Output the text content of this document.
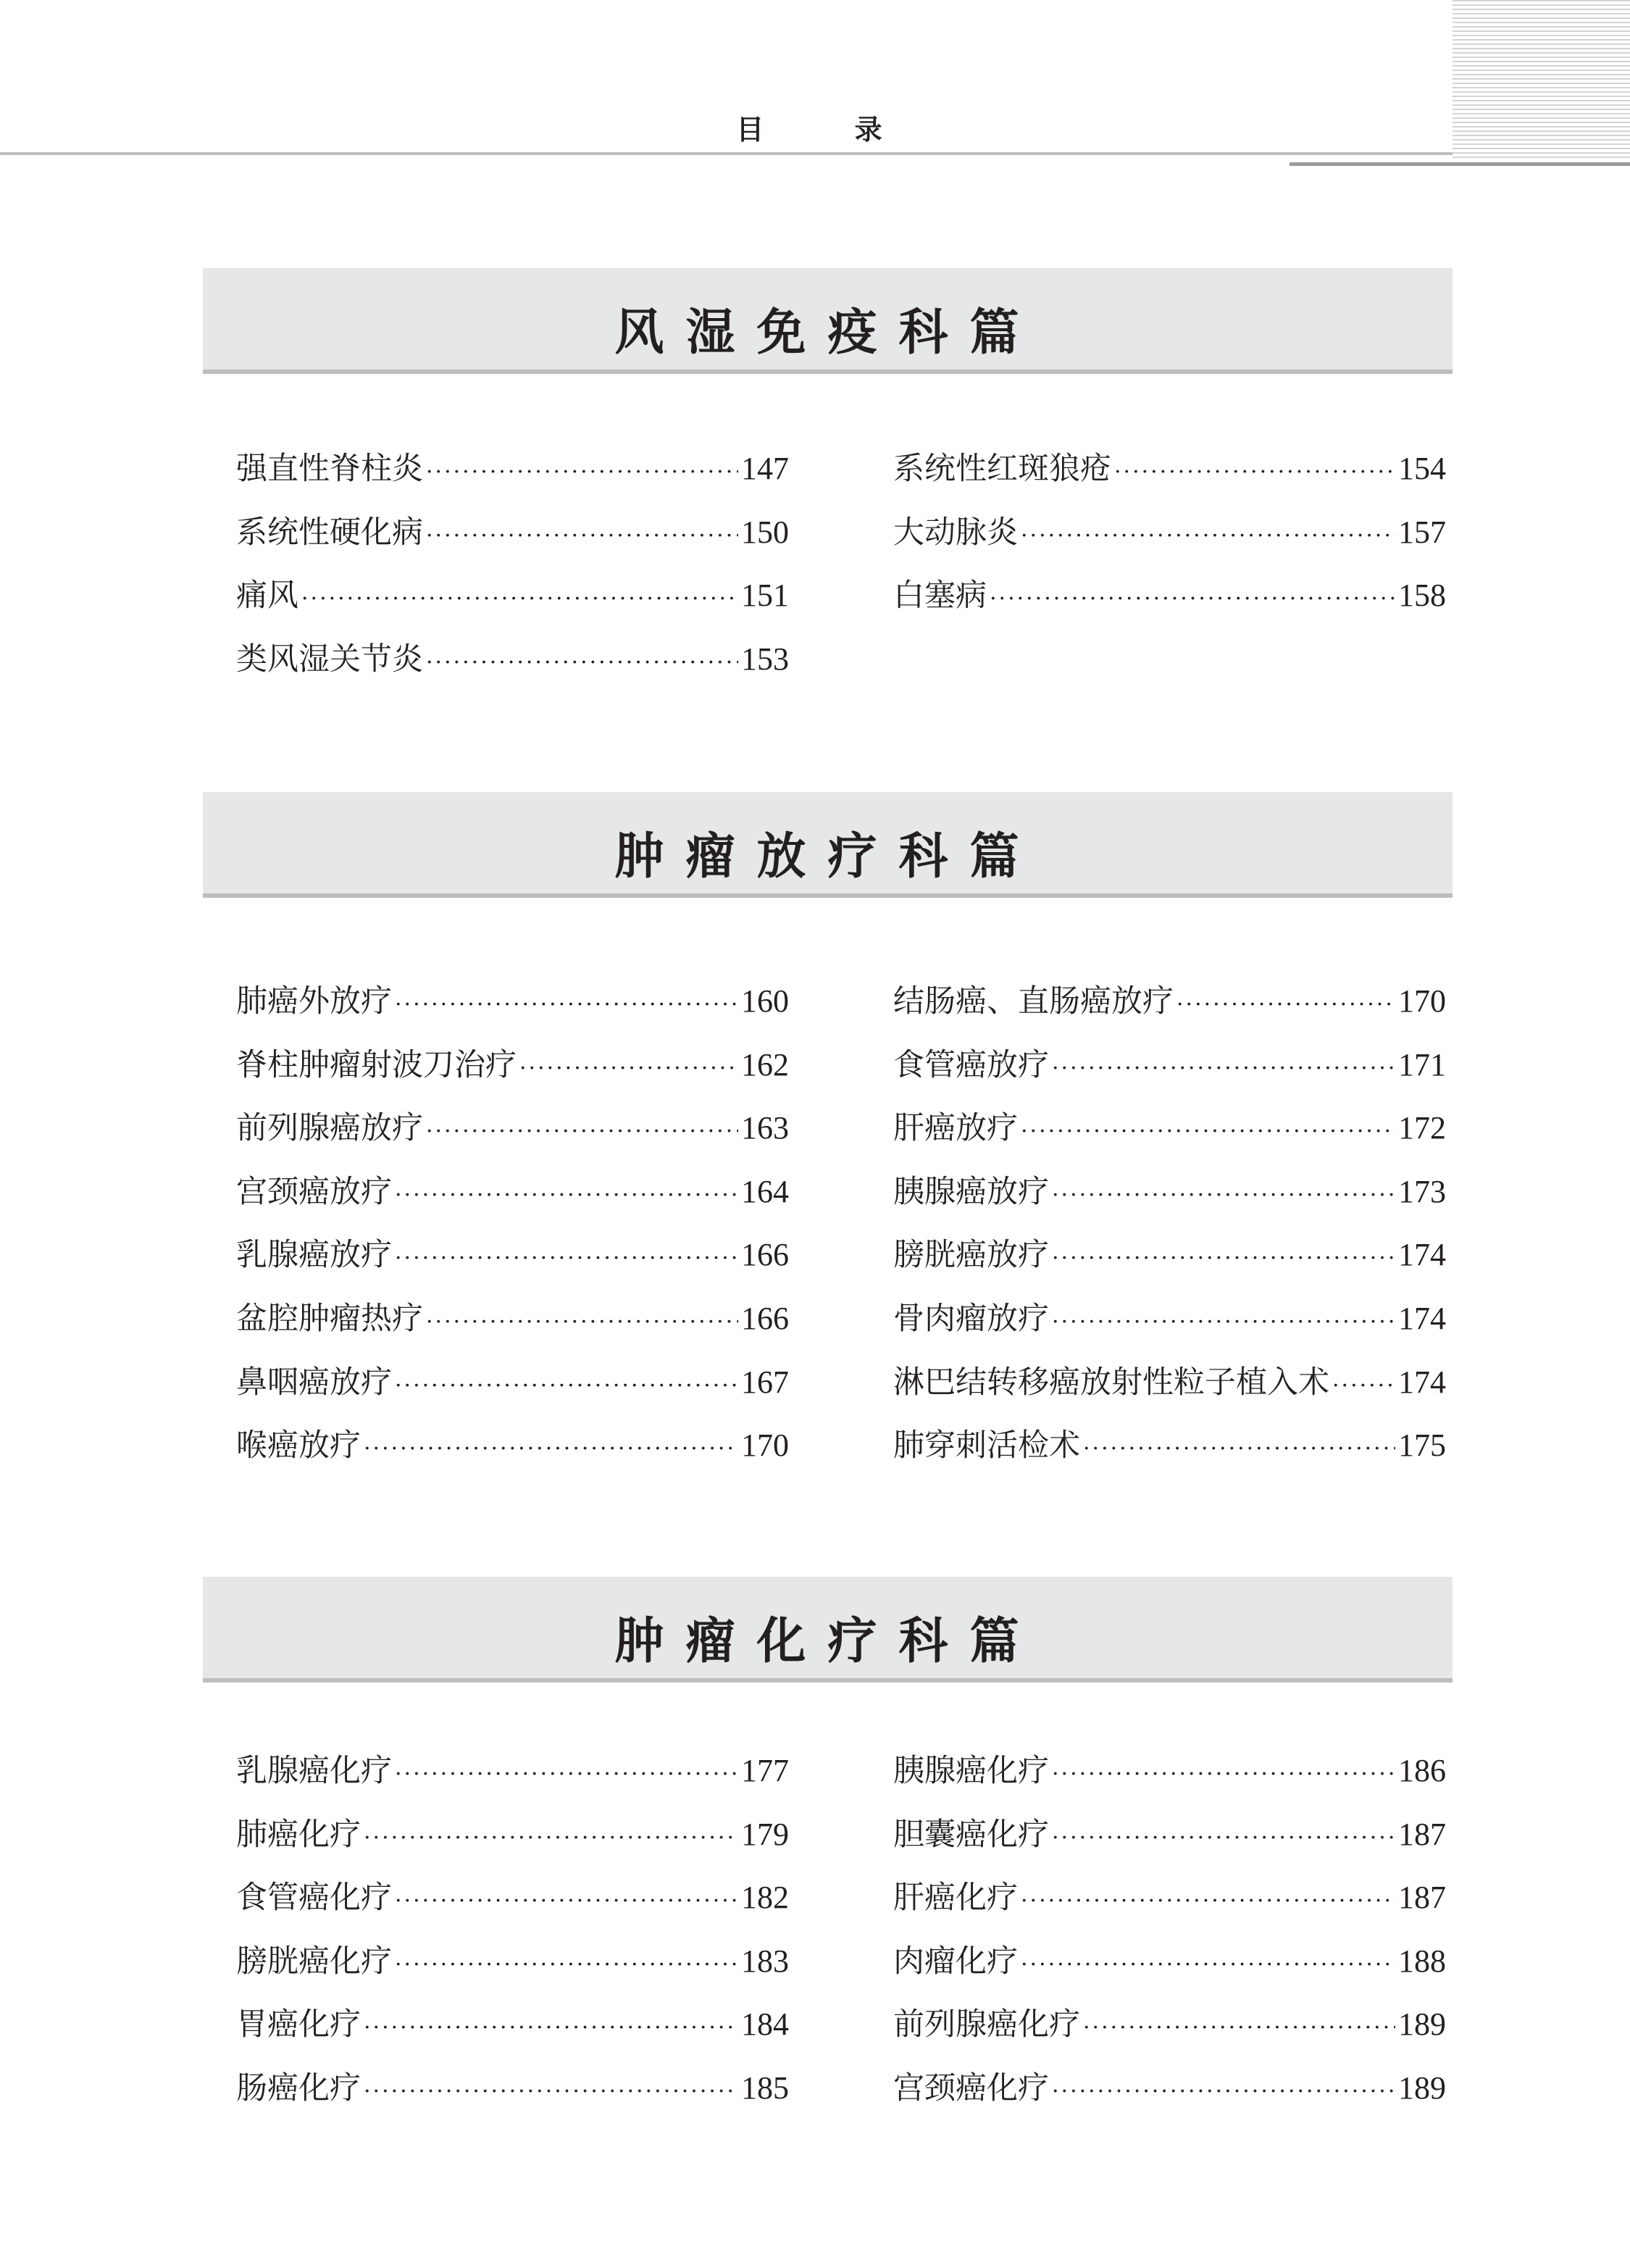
目 录
风湿免疫科篇
强直性脊柱炎 ·····	147
系统性硬化病 ·····	150
痛风 ·····	151
类风湿关节炎 ·····	153
系统性红斑狼疮 ·····	154
大动脉炎 ·····	157
白塞病 ·····	158
肿瘤放疗科篇
肺癌外放疗 ·····	160
脊柱肿瘤射波刀治疗 ·····	162
前列腺癌放疗 ·····	163
宫颈癌放疗 ·····	164
乳腺癌放疗 ·····	166
盆腔肿瘤热疗 ·····	166
鼻咽癌放疗 ·····	167
喉癌放疗 ·····	170
结肠癌、直肠癌放疗 ·····	170
食管癌放疗 ·····	171
肝癌放疗 ·····	172
胰腺癌放疗 ·····	173
膀胱癌放疗 ·····	174
骨肉瘤放疗 ·····	174
淋巴结转移癌放射性粒子植入术 ····· 174
肺穿刺活检术 ·····	175
肿瘤化疗科篇
乳腺癌化疗 ·····	177
肺癌化疗 ·····	179
食管癌化疗 ·····	182
膀胱癌化疗 ·····	183
胃癌化疗 ·····	184
肠癌化疗 ·····	185
胰腺癌化疗 ·····	186
胆囊癌化疗 ·····	187
肝癌化疗 ·····	187
肉瘤化疗 ·····	188
前列腺癌化疗 ·····	189
宫颈癌化疗 ·····	189
